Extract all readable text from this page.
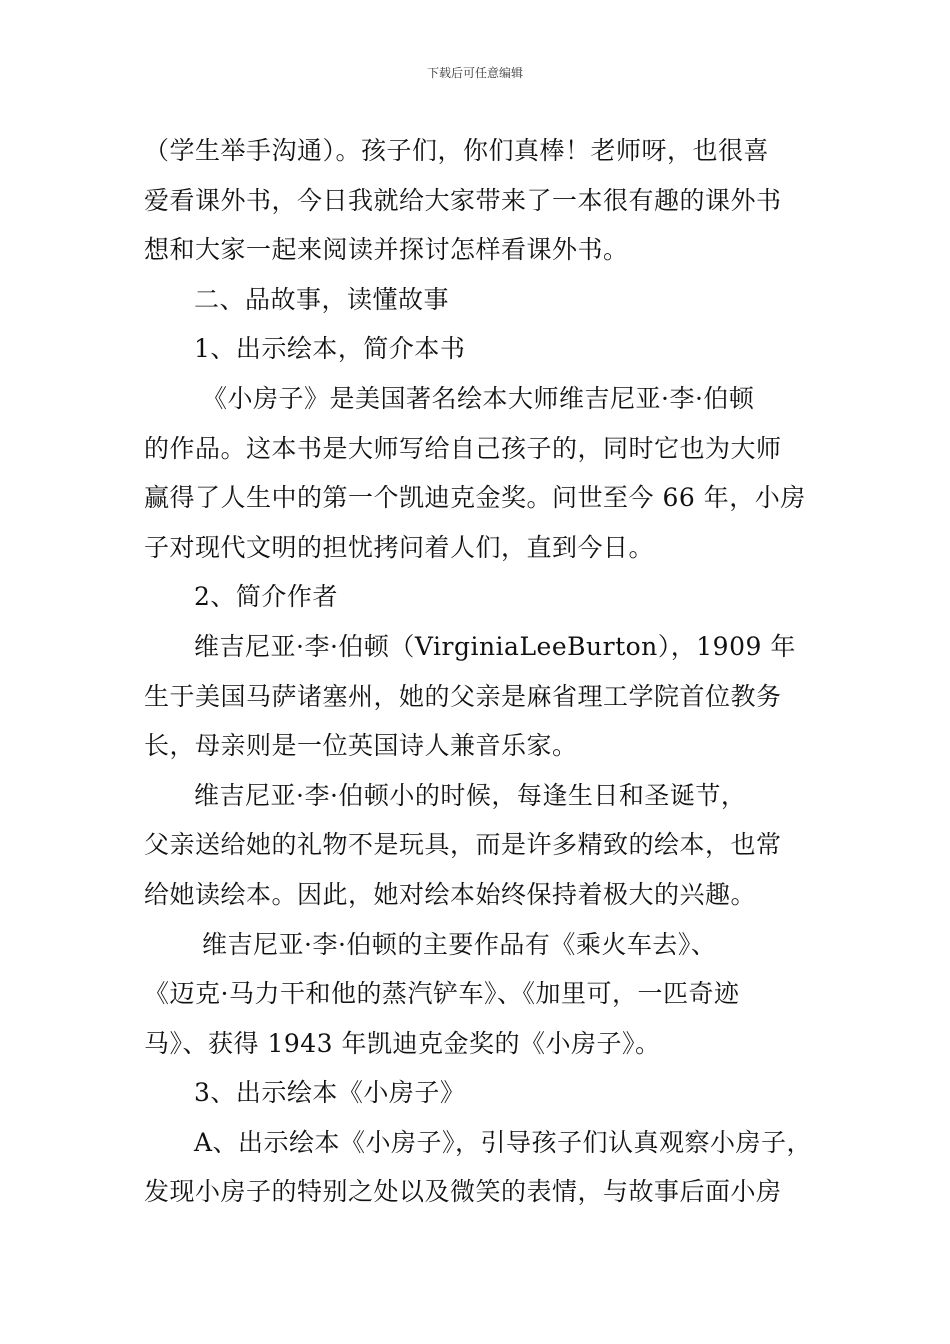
下载后可任意编辑
（学生举手沟通）。孩子们，你们真棒！老师呀，也很喜
爱看课外书，今日我就给大家带来了一本很有趣的课外书
想和大家一起来阅读并探讨怎样看课外书。
二、品故事，读懂故事
1、出示绘本，简介本书
《小房子》是美国著名绘本大师维吉尼亚·李·伯顿
的作品。这本书是大师写给自己孩子的，同时它也为大师
赢得了人生中的第一个凯迪克金奖。问世至今 66 年，小房
子对现代文明的担忧拷问着人们，直到今日。
2、简介作者
维吉尼亚·李·伯顿（VirginiaLeeBurton），1909 年
生于美国马萨诸塞州，她的父亲是麻省理工学院首位教务
长，母亲则是一位英国诗人兼音乐家。
维吉尼亚·李·伯顿小的时候，每逢生日和圣诞节，
父亲送给她的礼物不是玩具，而是许多精致的绘本，也常
给她读绘本。因此，她对绘本始终保持着极大的兴趣。
维吉尼亚·李·伯顿的主要作品有《乘火车去》、
《迈克·马力干和他的蒸汽铲车》、《加里可，一匹奇迹
马》、获得 1943 年凯迪克金奖的《小房子》。
3、出示绘本《小房子》
A、出示绘本《小房子》，引导孩子们认真观察小房子，
发现小房子的特别之处以及微笑的表情，与故事后面小房
